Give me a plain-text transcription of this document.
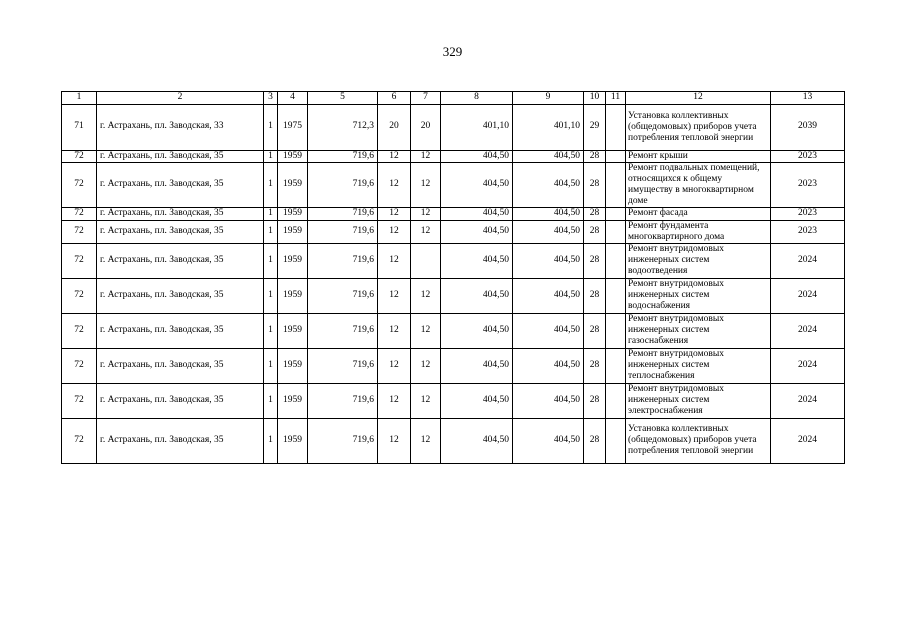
329
1	2	3	4	5	6	7	8	9	10	11	12	13
71	г. Астрахань, пл. Заводская, 33	1	1975	712,3	20	20	401,10	401,10	29		Установка коллективных (общедомовых) приборов учета потребления тепловой энергии	2039
72	г. Астрахань, пл. Заводская, 35	1	1959	719,6	12	12	404,50	404,50	28		Ремонт крыши	2023
72	г. Астрахань, пл. Заводская, 35	1	1959	719,6	12	12	404,50	404,50	28		Ремонт подвальных помещений, относящихся к общему имуществу в многоквартирном доме	2023
72	г. Астрахань, пл. Заводская, 35	1	1959	719,6	12	12	404,50	404,50	28		Ремонт фасада	2023
72	г. Астрахань, пл. Заводская, 35	1	1959	719,6	12	12	404,50	404,50	28		Ремонт фундамента многоквартирного дома	2023
72	г. Астрахань, пл. Заводская, 35	1	1959	719,6	12		404,50	404,50	28		Ремонт внутридомовых инженерных систем водоотведения	2024
72	г. Астрахань, пл. Заводская, 35	1	1959	719,6	12	12	404,50	404,50	28		Ремонт внутридомовых инженерных систем водоснабжения	2024
72	г. Астрахань, пл. Заводская, 35	1	1959	719,6	12	12	404,50	404,50	28		Ремонт внутридомовых инженерных систем газоснабжения	2024
72	г. Астрахань, пл. Заводская, 35	1	1959	719,6	12	12	404,50	404,50	28		Ремонт внутридомовых инженерных систем теплоснабжения	2024
72	г. Астрахань, пл. Заводская, 35	1	1959	719,6	12	12	404,50	404,50	28		Ремонт внутридомовых инженерных систем электроснабжения	2024
72	г. Астрахань, пл. Заводская, 35	1	1959	719,6	12	12	404,50	404,50	28		Установка коллективных (общедомовых) приборов учета потребления тепловой энергии	2024
